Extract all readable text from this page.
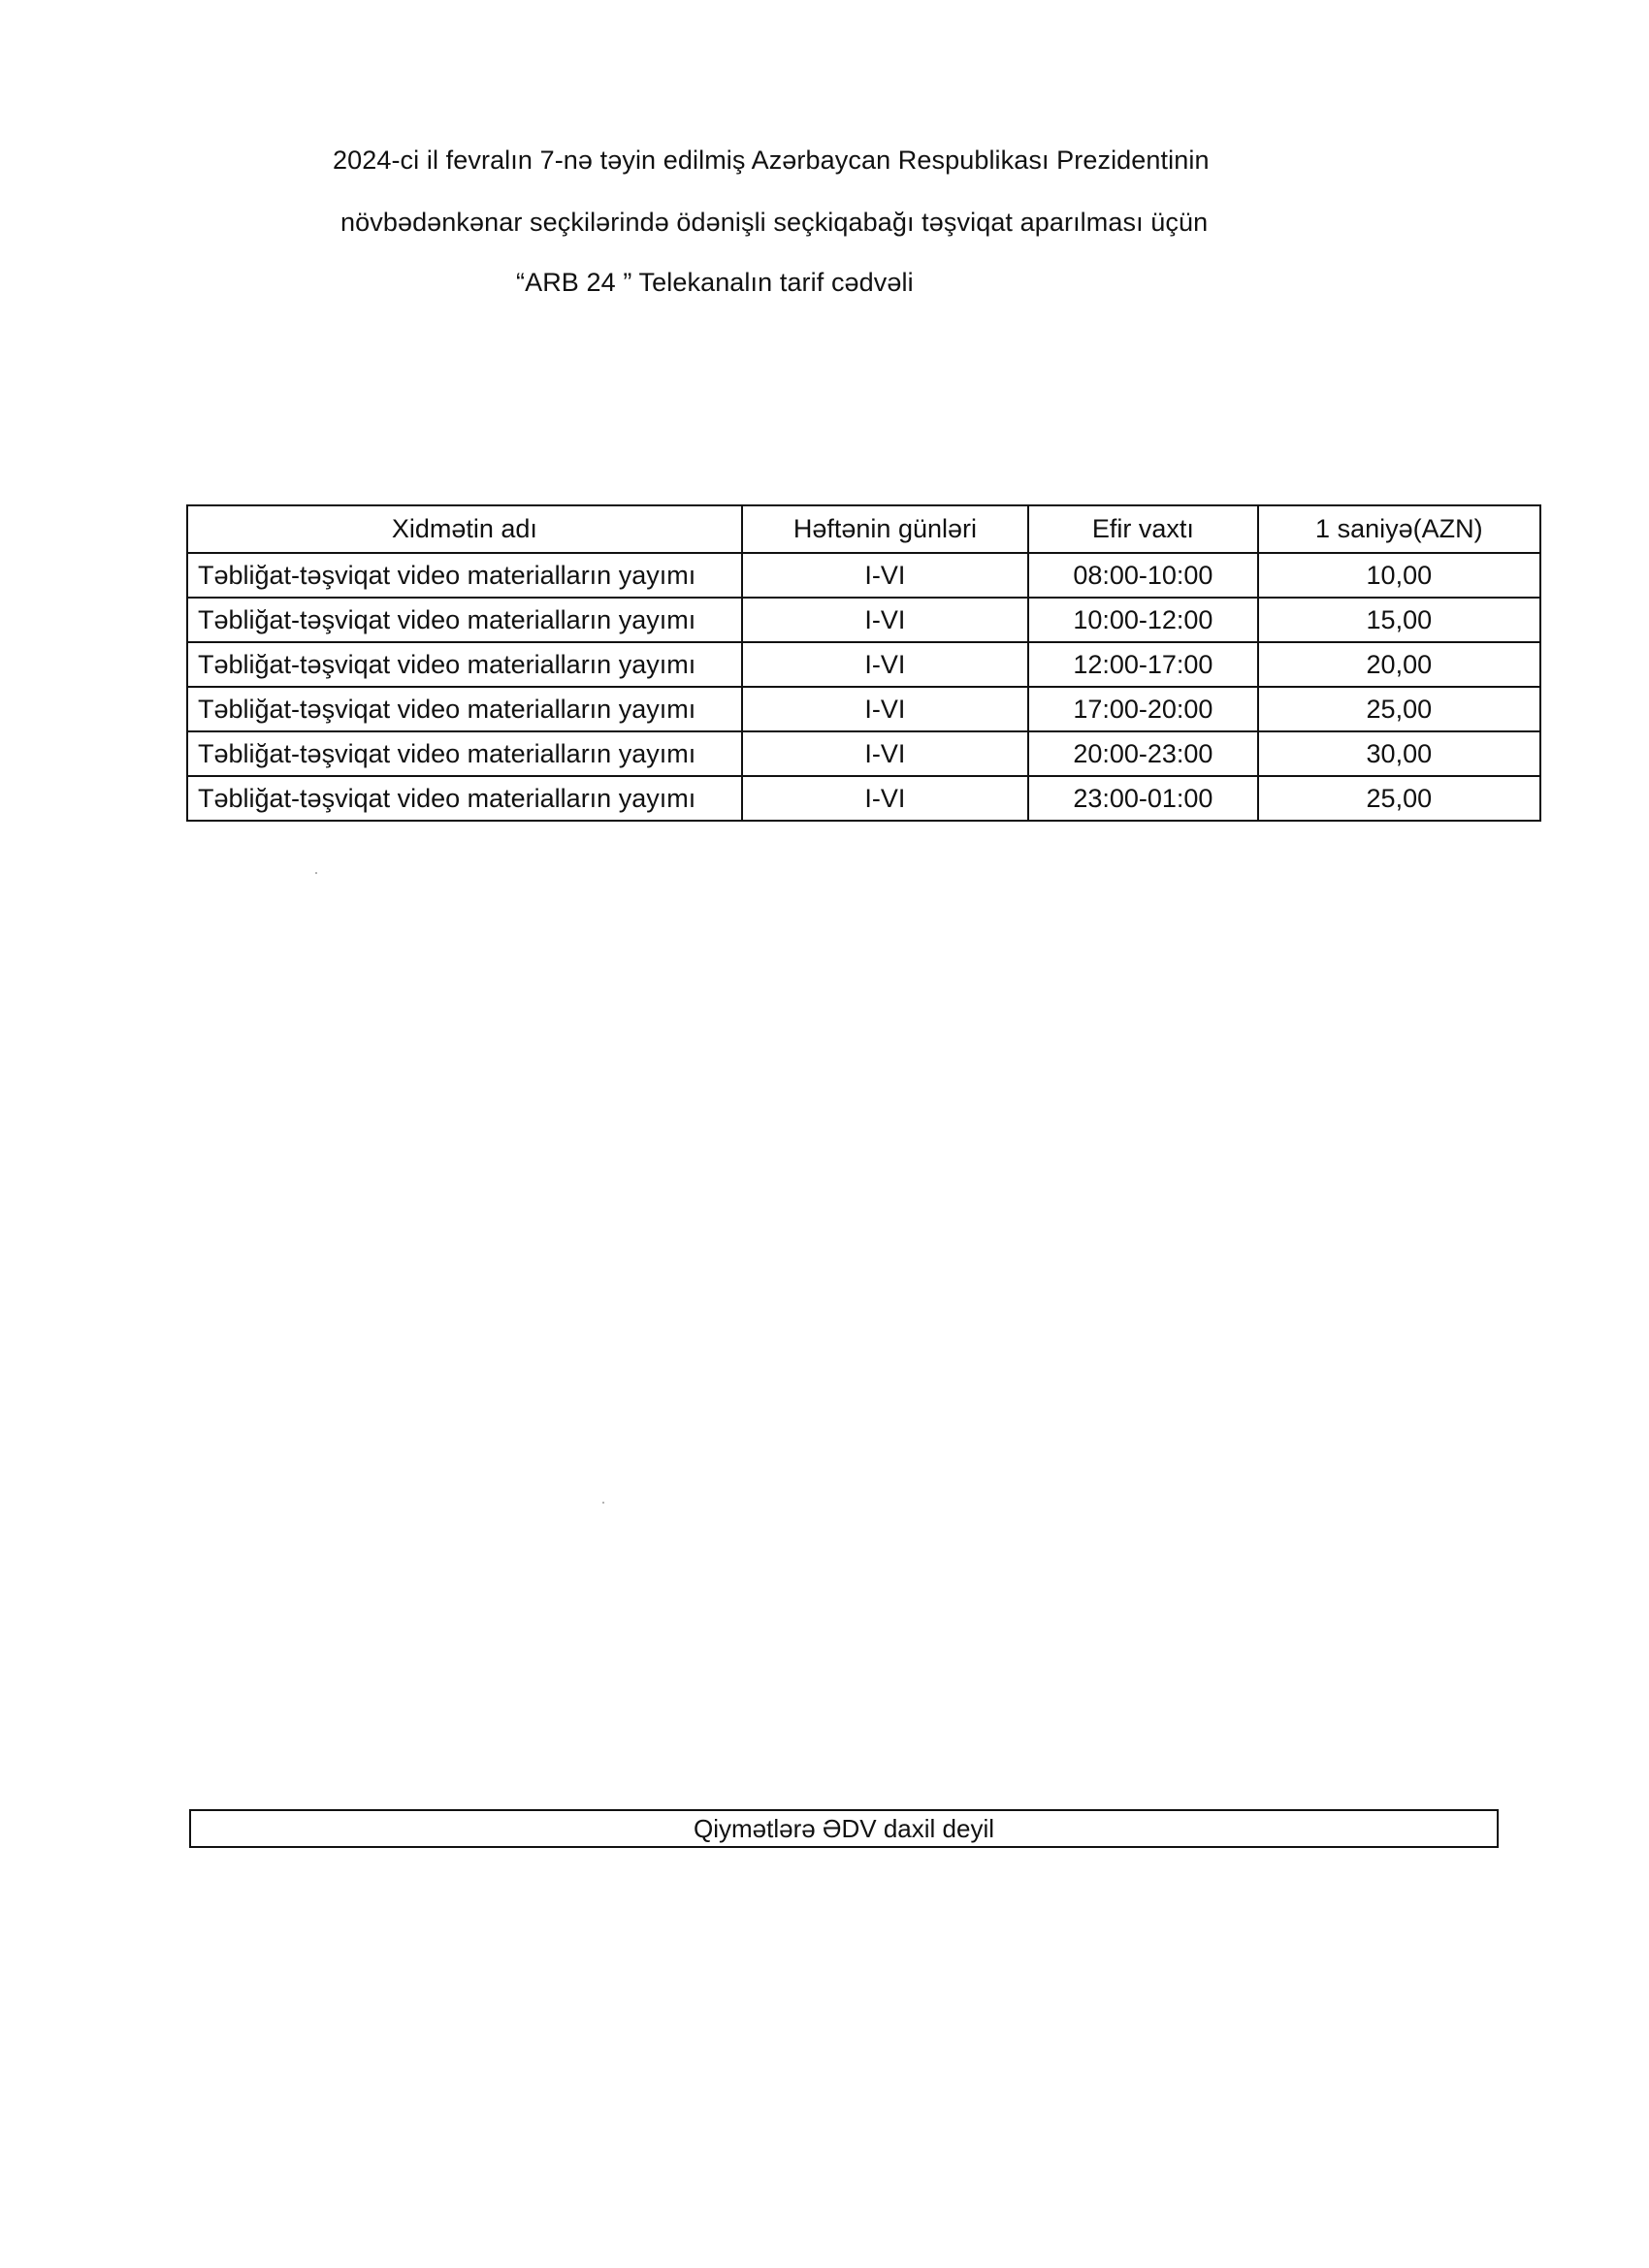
2024-ci il fevralın 7-nə təyin edilmiş Azərbaycan Respublikası Prezidentinin
növbədənkənar seçkilərində ödənişli seçkiqabağı təşviqat aparılması üçün
“ARB 24 ” Telekanalın tarif cədvəli
Xidmətin adı	Həftənin günləri	Efir vaxtı	1 saniyə(AZN)
Təbliğat-təşviqat video materialların yayımı	I-VI	08:00-10:00	10,00
Təbliğat-təşviqat video materialların yayımı	I-VI	10:00-12:00	15,00
Təbliğat-təşviqat video materialların yayımı	I-VI	12:00-17:00	20,00
Təbliğat-təşviqat video materialların yayımı	I-VI	17:00-20:00	25,00
Təbliğat-təşviqat video materialların yayımı	I-VI	20:00-23:00	30,00
Təbliğat-təşviqat video materialların yayımı	I-VI	23:00-01:00	25,00
Qiymətlərə ƏDV daxil deyil
